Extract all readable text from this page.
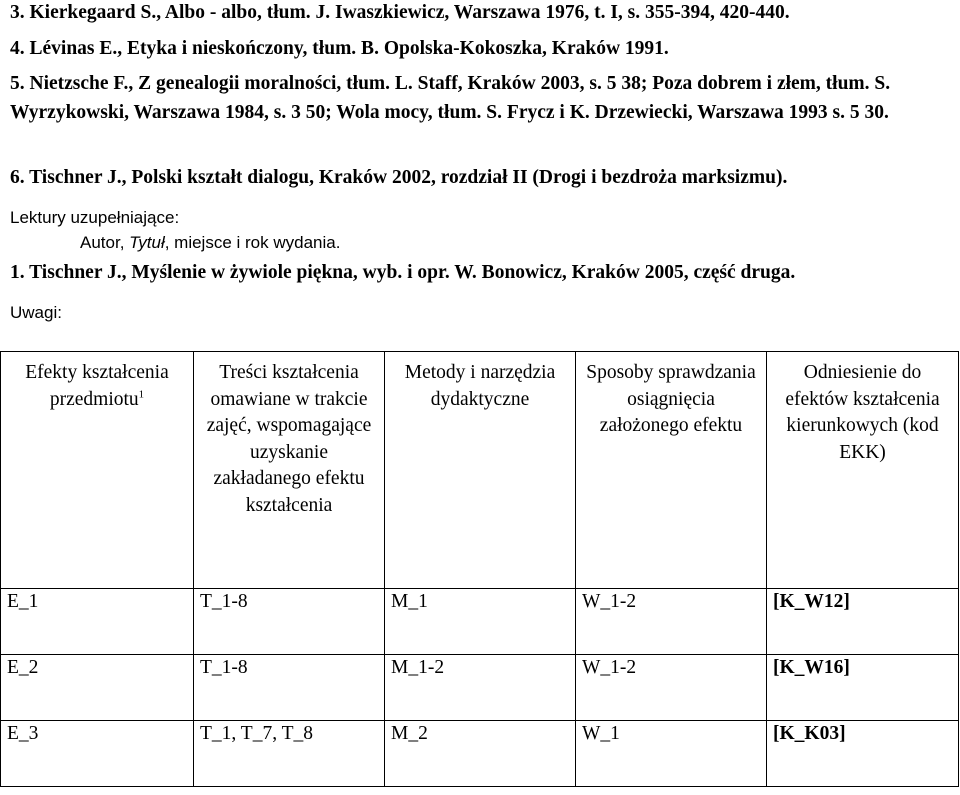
3. Kierkegaard S., Albo - albo, tłum. J. Iwaszkiewicz, Warszawa 1976, t. I, s. 355-394, 420-440.
4. Lévinas E., Etyka i nieskończony, tłum. B. Opolska-Kokoszka, Kraków 1991.
5. Nietzsche F., Z genealogii moralności, tłum. L. Staff, Kraków 2003, s. 5 38; Poza dobrem i złem, tłum. S. Wyrzykowski, Warszawa 1984, s. 3 50; Wola mocy, tłum. S. Frycz i K. Drzewiecki, Warszawa 1993 s. 5 30.
6. Tischner J., Polski kształt dialogu, Kraków 2002, rozdział II (Drogi i bezdroża marksizmu).
Lektury uzupełniające:
Autor, Tytuł, miejsce i rok wydania.
1. Tischner J., Myślenie w żywiole piękna, wyb. i opr. W. Bonowicz, Kraków 2005, część druga.
Uwagi:
Efekty kształcenia przedmiotu$^1$	Treści kształcenia omawiane w trakcie zajęć, wspomagające uzyskanie zakładanego efektu kształcenia	Metody i narzędzia dydaktyczne	Sposoby sprawdzania osiągnięcia założonego efektu	Odniesienie do efektów kształcenia kierunkowych (kod EKK)
E_1	T_1-8	M_1	W_1-2	[K_W12]
E_2	T_1-8	M_1-2	W_1-2	[K_W16]
E_3	T_1, T_7, T_8	M_2	W_1	[K_K03]
